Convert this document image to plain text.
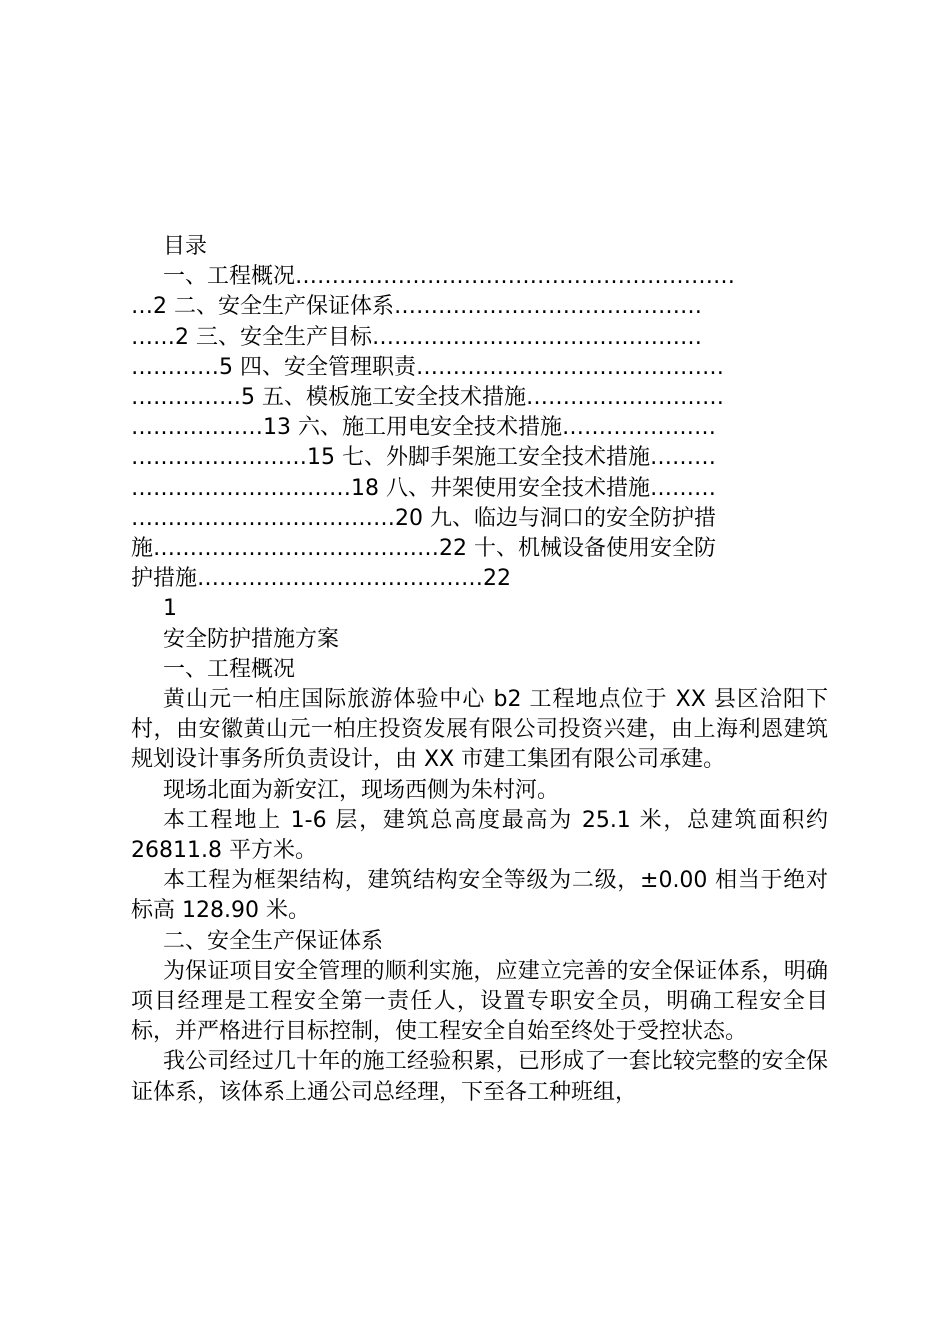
目录

一、工程概况……………………………………………………

…2 二、安全生产保证体系……………………………………

……2 三、安全生产目标………………………………………

…………5 四、安全管理职责……………………………………

……………5 五、模板施工安全技术措施………………………

………………13 六、施工用电安全技术措施…………………

……………………15 七、外脚手架施工安全技术措施………

…………………………18 八、井架使用安全技术措施………

………………………………20 九、临边与洞口的安全防护措

施…………………………………22 十、机械设备使用安全防

护措施…………………………………22

1

安全防护措施方案

一、工程概况

黄山元一柏庄国际旅游体验中心 b2 工程地点位于 XX 县区洽阳下村，由安徽黄山元一柏庄投资发展有限公司投资兴建，由上海利恩建筑规划设计事务所负责设计，由 XX 市建工集团有限公司承建。

现场北面为新安江，现场西侧为朱村河。

本工程地上 1-6 层，建筑总高度最高为 25.1 米，总建筑面积约 26811.8 平方米。

本工程为框架结构，建筑结构安全等级为二级，±0.00 相当于绝对标高 128.90 米。

二、安全生产保证体系

为保证项目安全管理的顺利实施，应建立完善的安全保证体系，明确项目经理是工程安全第一责任人，设置专职安全员，明确工程安全目标，并严格进行目标控制，使工程安全自始至终处于受控状态。

我公司经过几十年的施工经验积累，已形成了一套比较完整的安全保证体系，该体系上通公司总经理，下至各工种班组，
